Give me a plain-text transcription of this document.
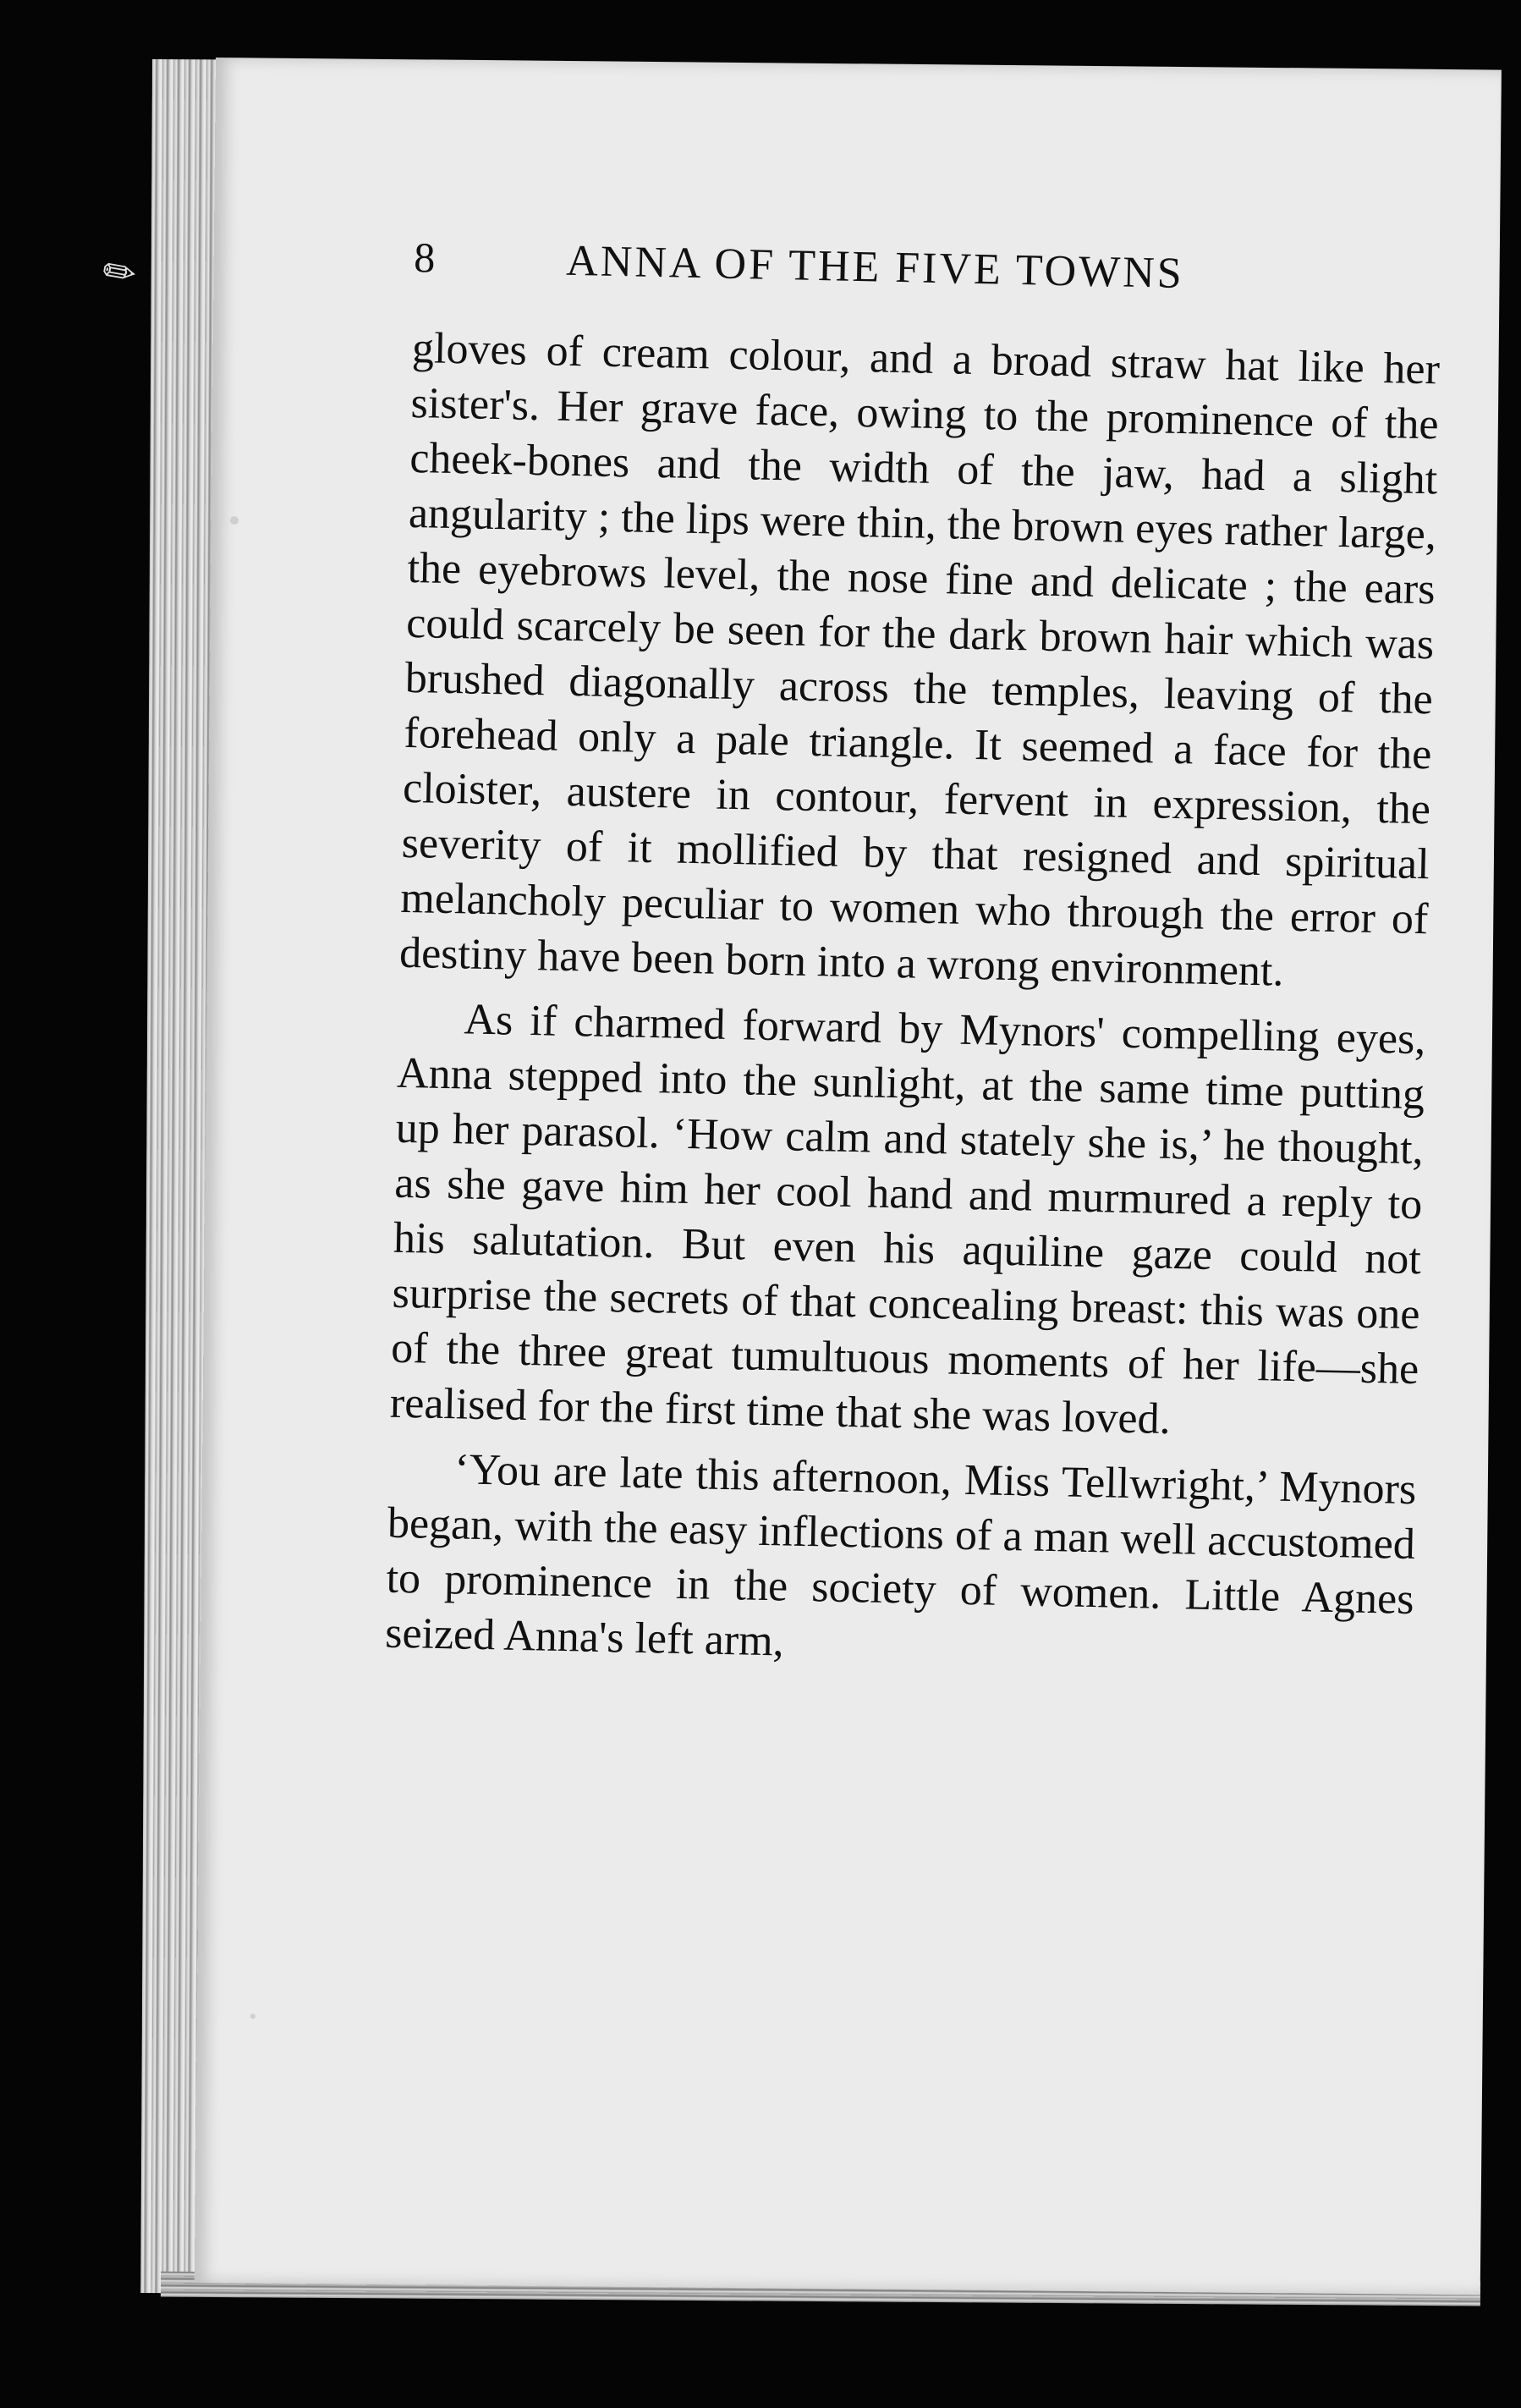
✎	8	ANNA OF THE FIVE TOWNS

gloves of cream colour, and a broad straw hat like her sister's. Her grave face, owing to the prominence of the cheek-bones and the width of the jaw, had a slight angularity ; the lips were thin, the brown eyes rather large, the eyebrows level, the nose fine and delicate ; the ears could scarcely be seen for the dark brown hair which was brushed diagonally across the temples, leaving of the forehead only a pale triangle. It seemed a face for the cloister, austere in contour, fervent in expression, the severity of it mollified by that resigned and spiritual melancholy peculiar to women who through the error of destiny have been born into a wrong environment.

As if charmed forward by Mynors' compelling eyes, Anna stepped into the sunlight, at the same time putting up her parasol. ‘How calm and stately she is,’ he thought, as she gave him her cool hand and murmured a reply to his salutation. But even his aquiline gaze could not surprise the secrets of that concealing breast: this was one of the three great tumultuous moments of her life—she realised for the first time that she was loved.

‘You are late this afternoon, Miss Tellwright,’ Mynors began, with the easy inflections of a man well accustomed to prominence in the society of women. Little Agnes seized Anna's left arm,
